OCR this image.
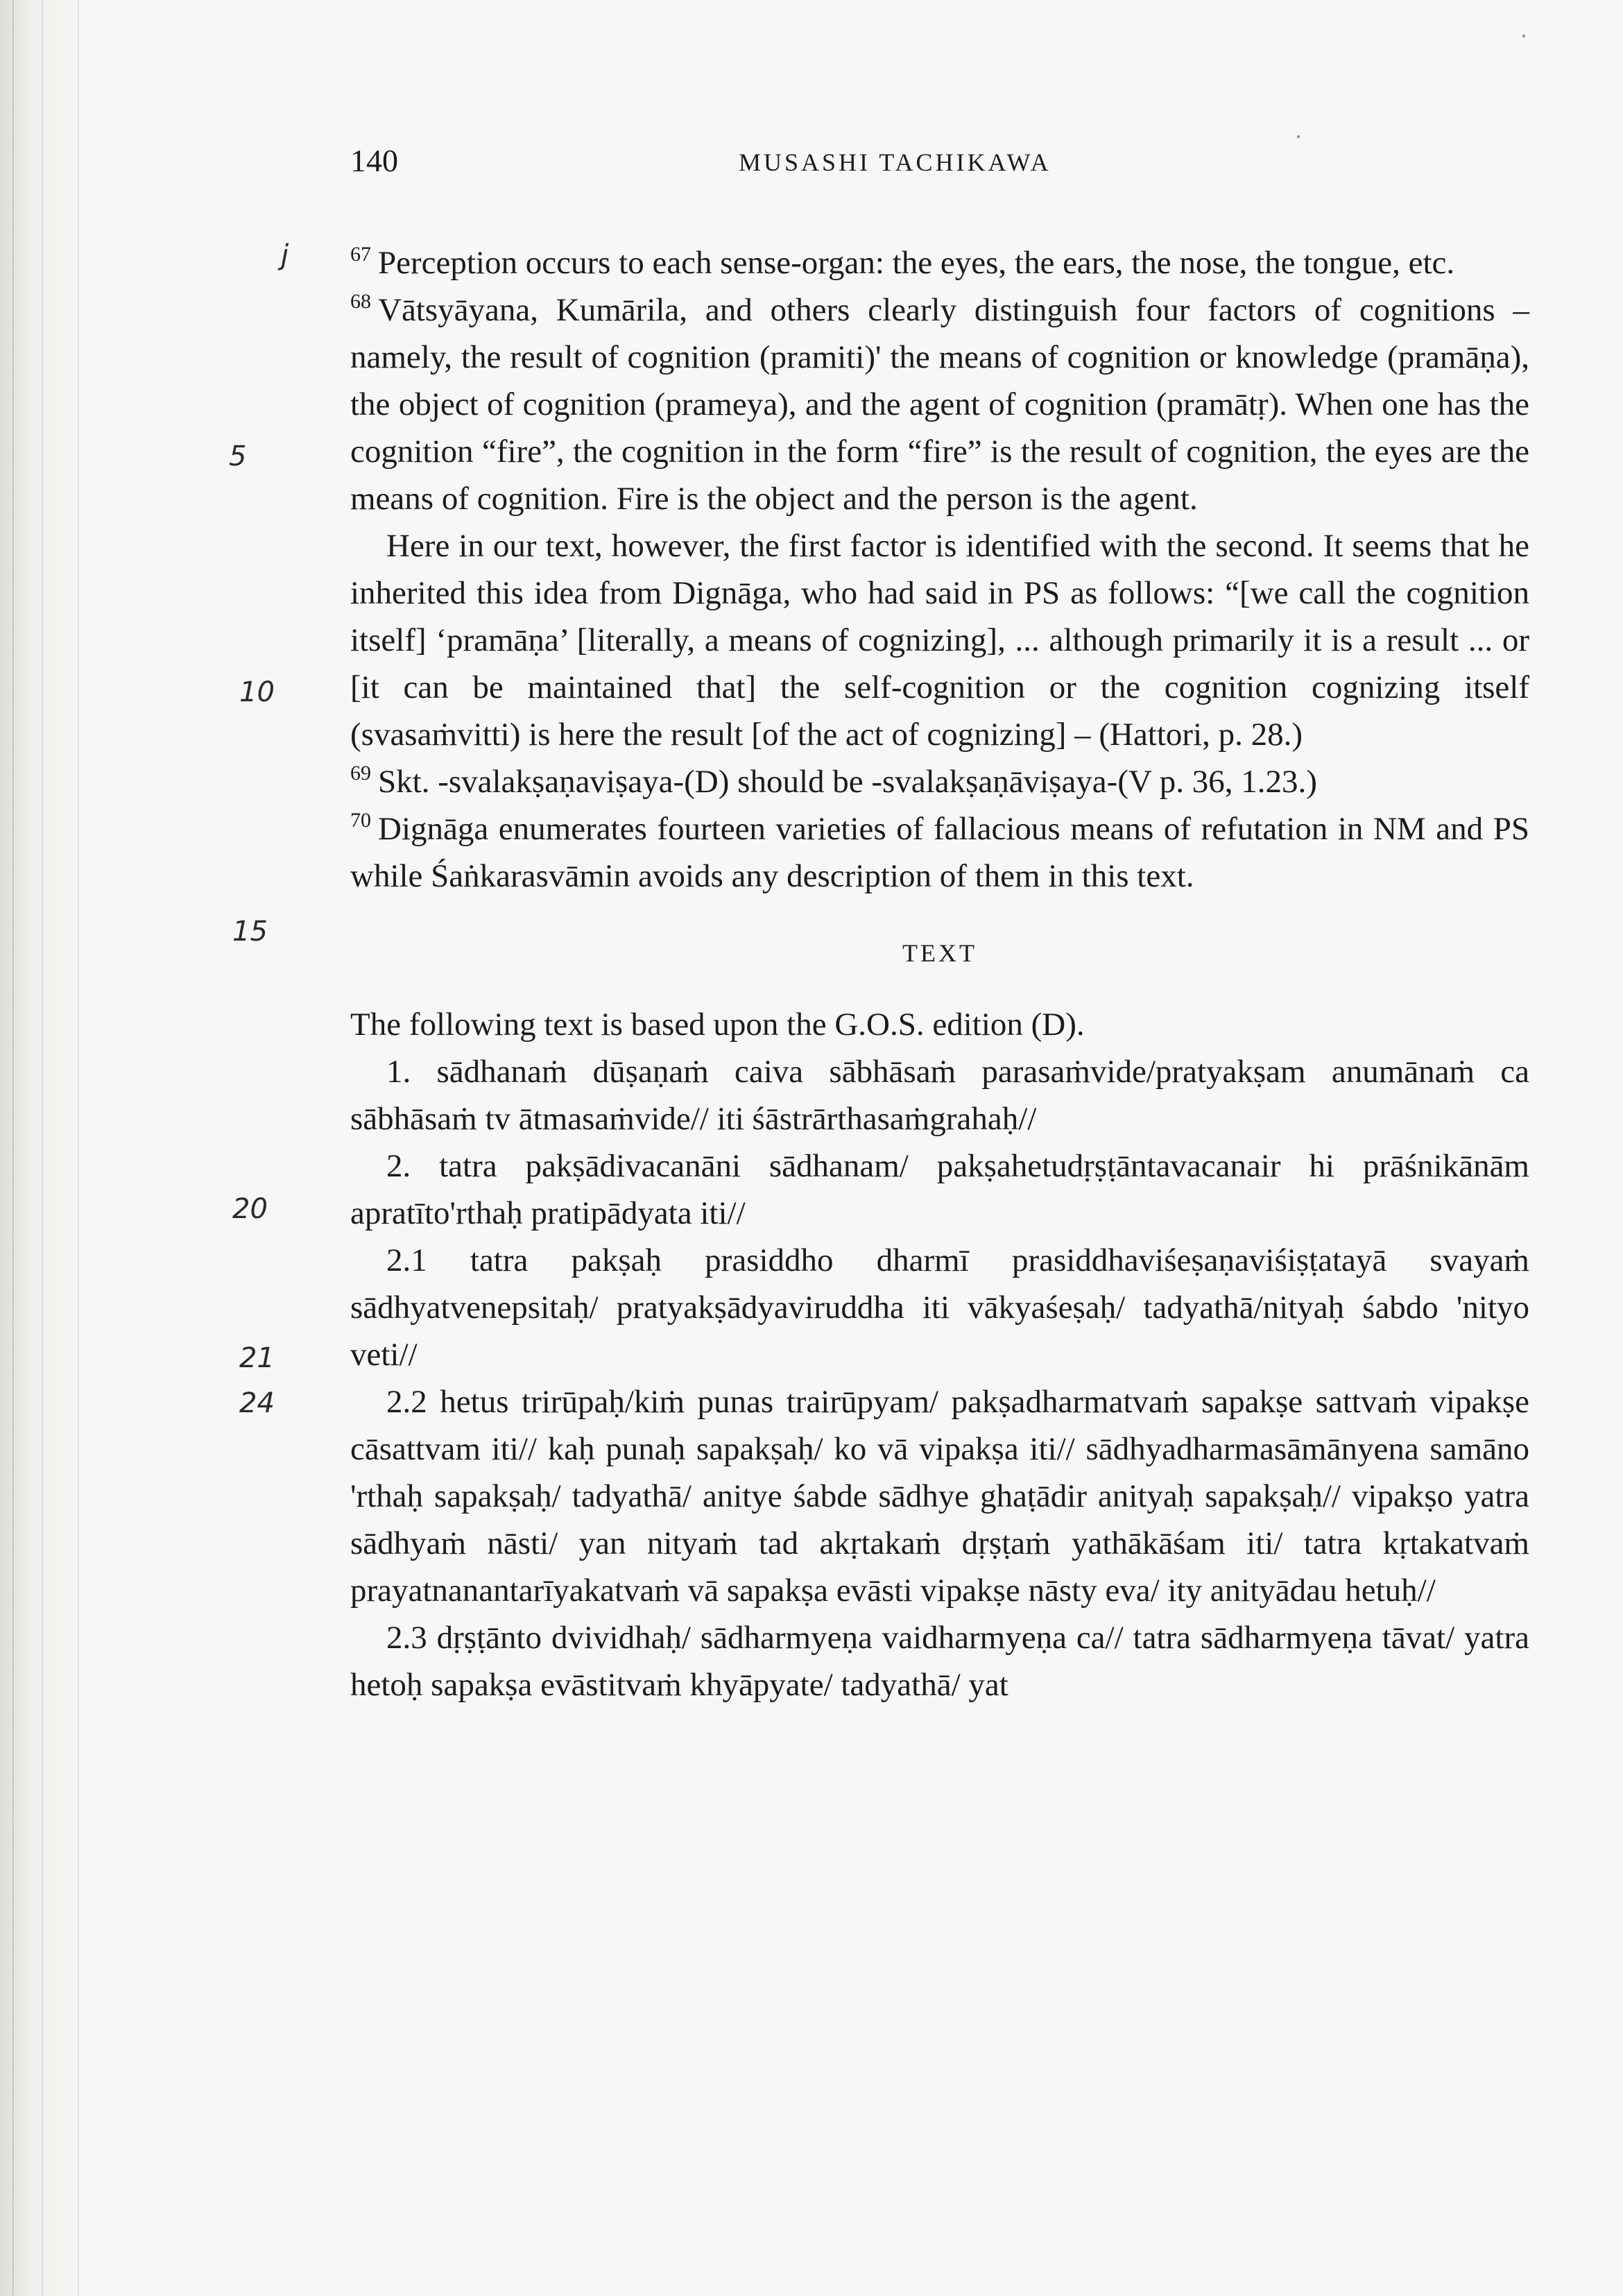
j
5
10
15
20
21
24
140	MUSASHI TACHIKAWA

$^{67}$ Perception occurs to each sense-organ: the eyes, the ears, the nose, the tongue, etc.

$^{68}$ Vātsyāyana, Kumārila, and others clearly distinguish four factors of cognitions – namely, the result of cognition (pramiti)' the means of cognition or knowledge (pramāṇa), the object of cognition (prameya), and the agent of cognition (pramātṛ). When one has the cognition “fire”, the cognition in the form “fire” is the result of cognition, the eyes are the means of cognition. Fire is the object and the person is the agent.

Here in our text, however, the first factor is identified with the second. It seems that he inherited this idea from Dignāga, who had said in PS as follows: “[we call the cognition itself] ‘pramāṇa’ [literally, a means of cognizing], ... although primarily it is a result ... or [it can be maintained that] the self-cognition or the cognition cognizing itself (svasaṁvitti) is here the result [of the act of cognizing] – (Hattori, p. 28.)

$^{69}$ Skt. -svalakṣaṇaviṣaya-(D) should be -svalakṣaṇāviṣaya-(V p. 36, 1.23.)

$^{70}$ Dignāga enumerates fourteen varieties of fallacious means of refutation in NM and PS while Śaṅkarasvāmin avoids any description of them in this text.

TEXT

The following text is based upon the G.O.S. edition (D).

1. sādhanaṁ dūṣaṇaṁ caiva sābhāsaṁ parasaṁvide/pratyakṣam anumānaṁ ca sābhāsaṁ tv ātmasaṁvide// iti śāstrārthasaṁgrahaḥ//

2. tatra pakṣādivacanāni sādhanam/ pakṣahetudṛṣṭāntavacanair hi prāśnikānām apratīto'rthaḥ pratipādyata iti//

2.1 tatra pakṣaḥ prasiddho dharmī prasiddhaviśeṣaṇaviśiṣṭatayā svayaṁ sādhyatvenepsitaḥ/ pratyakṣādyaviruddha iti vākyaśeṣaḥ/ tadyathā/nityaḥ śabdo 'nityo veti//

2.2 hetus trirūpaḥ/kiṁ punas trairūpyam/ pakṣadharmatvaṁ sapakṣe sattvaṁ vipakṣe cāsattvam iti// kaḥ punaḥ sapakṣaḥ/ ko vā vipakṣa iti// sādhyadharmasāmānyena samāno 'rthaḥ sapakṣaḥ/ tadyathā/ anitye śabde sādhye ghaṭādir anityaḥ sapakṣaḥ// vipakṣo yatra sādhyaṁ nāsti/ yan nityaṁ tad akṛtakaṁ dṛṣṭaṁ yathākāśam iti/ tatra kṛtakatvaṁ prayatnanantarīyakatvaṁ vā sapakṣa evāsti vipakṣe nāsty eva/ ity anityādau hetuḥ//

2.3 dṛṣṭānto dvividhaḥ/ sādharmyeṇa vaidharmyeṇa ca// tatra sādharmyeṇa tāvat/ yatra hetoḥ sapakṣa evāstitvaṁ khyāpyate/ tadyathā/ yat
